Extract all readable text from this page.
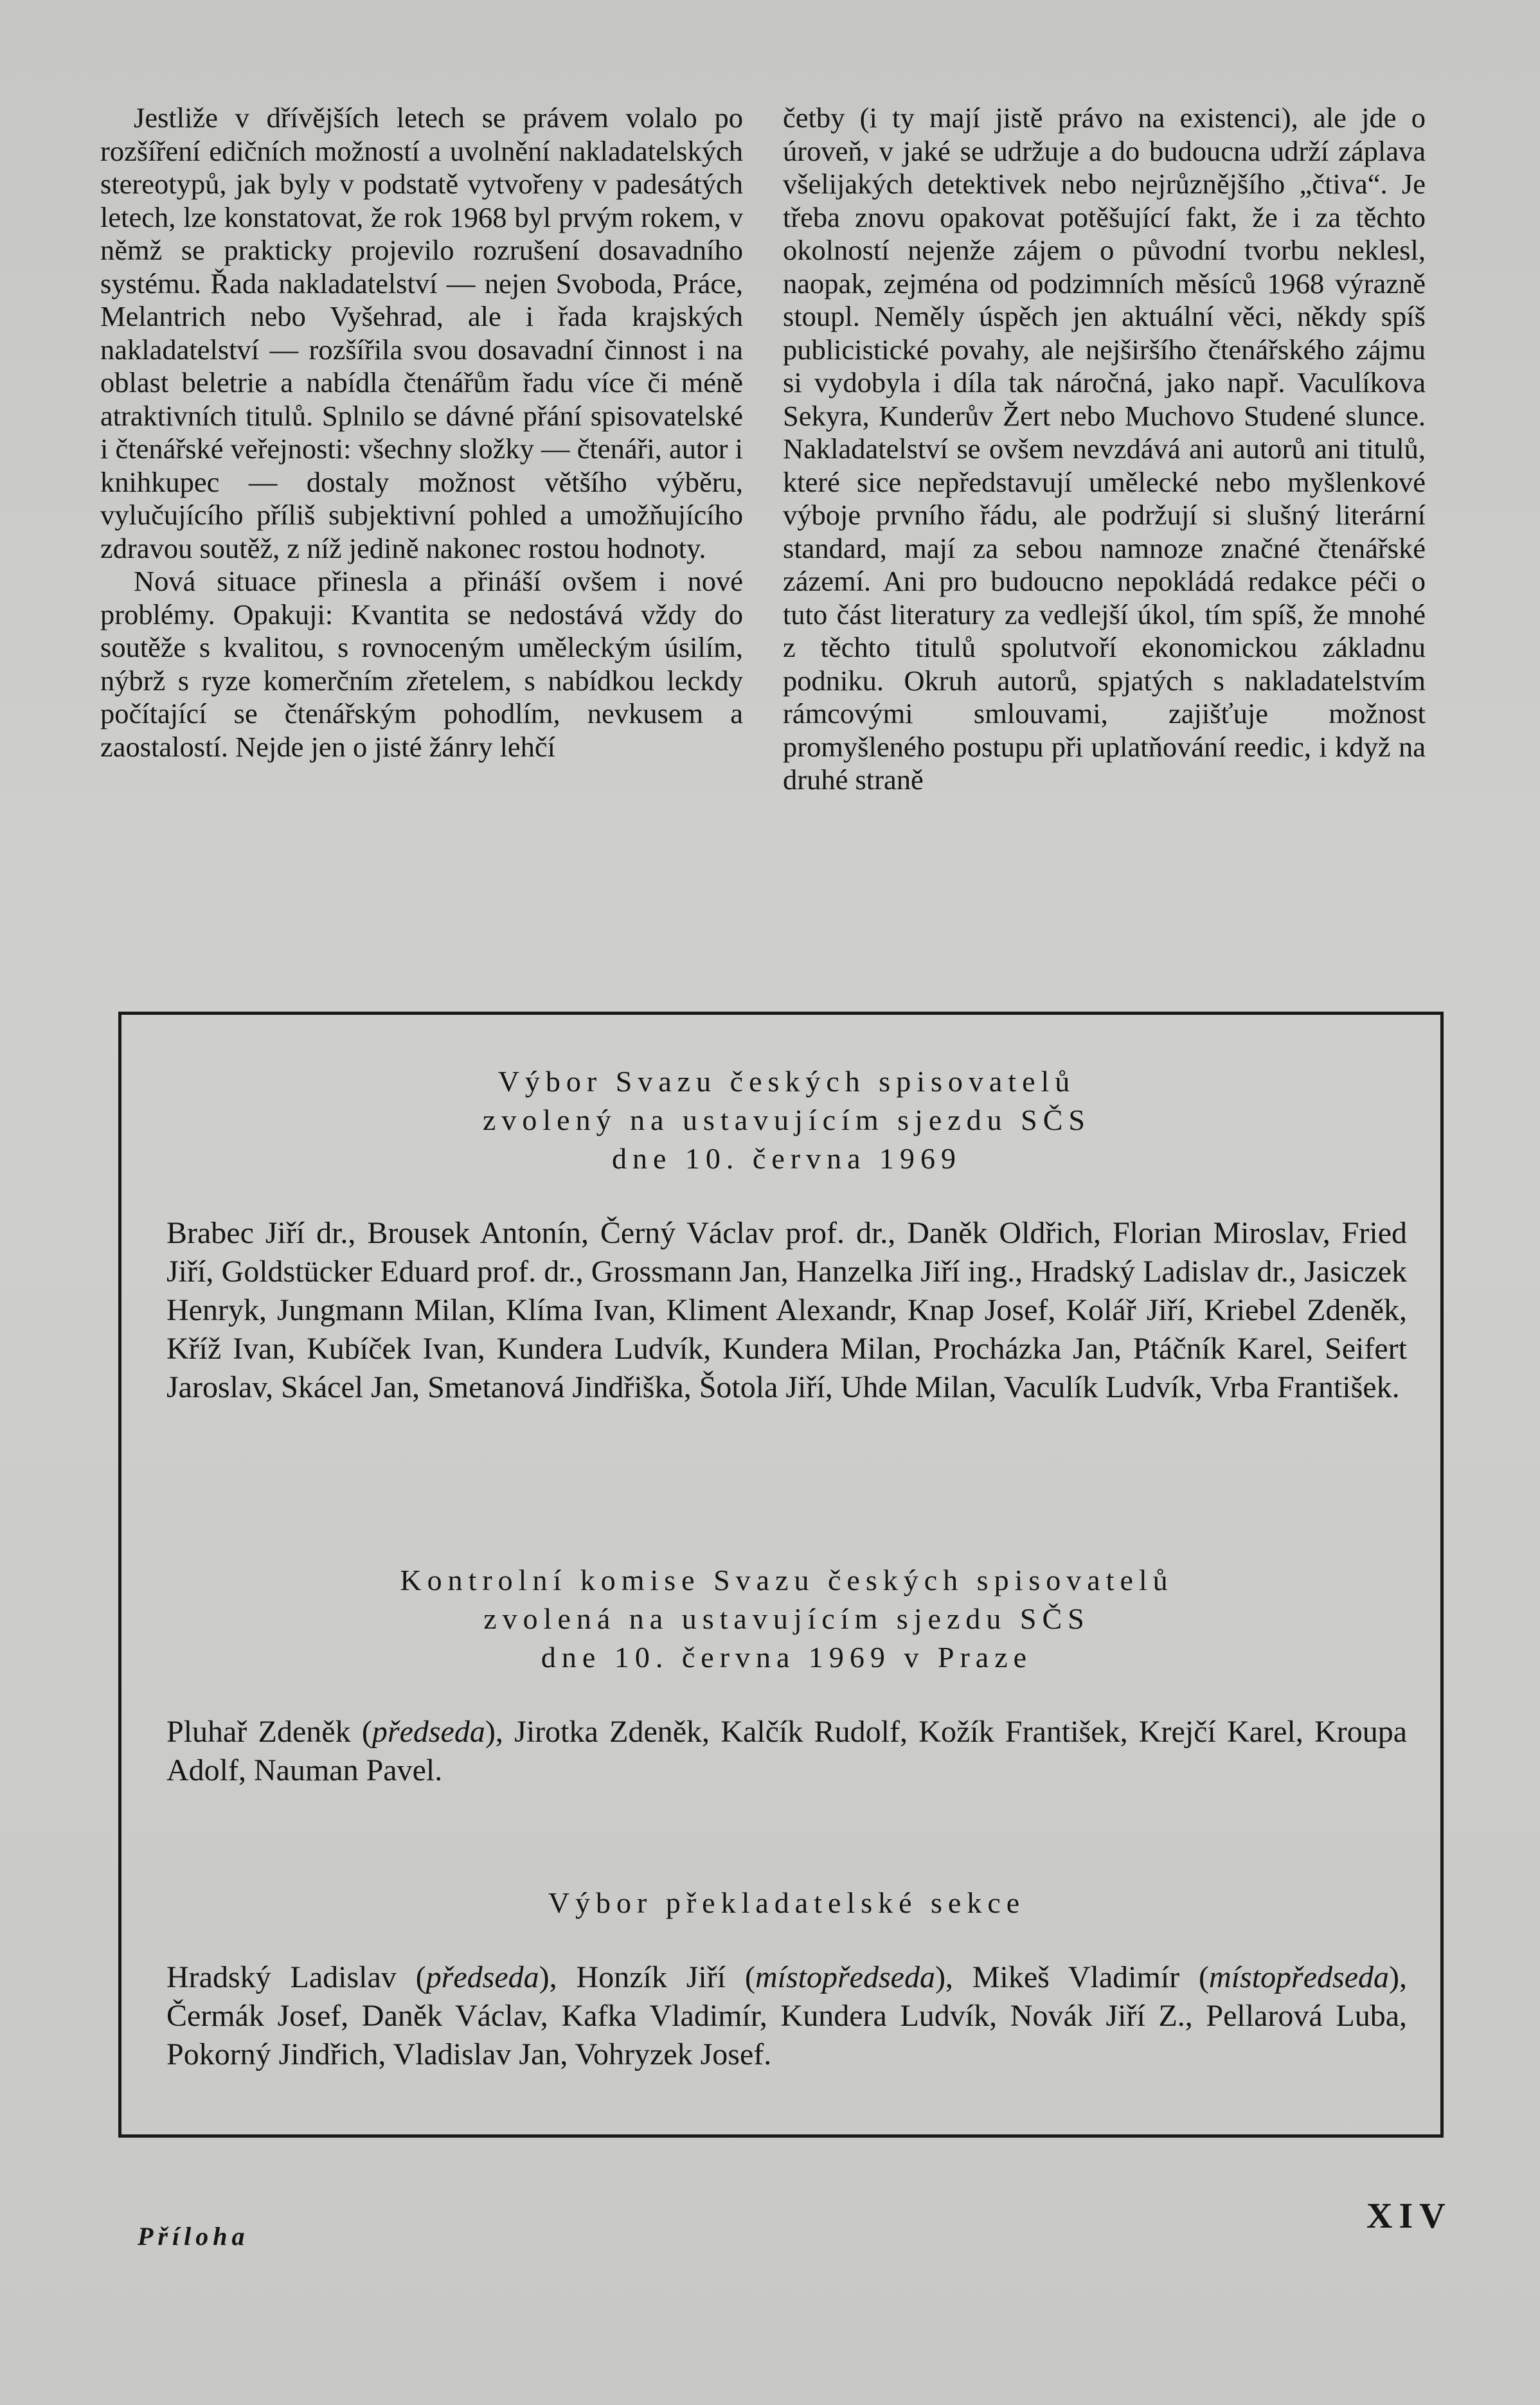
Jestliže v dřívějších letech se právem volalo po rozšíření edičních možností a uvolnění nakladatelských stereotypů, jak byly v podstatě vytvořeny v padesátých letech, lze konstatovat, že rok 1968 byl prvým rokem, v němž se prakticky projevilo rozrušení dosavadního systému. Řada nakladatelství — nejen Svoboda, Práce, Melantrich nebo Vyšehrad, ale i řada krajských nakladatelství — rozšířila svou dosavadní činnost i na oblast beletrie a nabídla čtenářům řadu více či méně atraktivních titulů. Splnilo se dávné přání spisovatelské i čtenářské veřejnosti: všechny složky — čtenáři, autor i knihkupec — dostaly možnost většího výběru, vylučujícího příliš subjektivní pohled a umožňujícího zdravou soutěž, z níž jedině nakonec rostou hodnoty.

Nová situace přinesla a přináší ovšem i nové problémy. Opakuji: Kvantita se nedostává vždy do soutěže s kvalitou, s rovnoceným uměleckým úsilím, nýbrž s ryze komerčním zřetelem, s nabídkou leckdy počítající se čtenářským pohodlím, nevkusem a zaostalostí. Nejde jen o jisté žánry lehčí

četby (i ty mají jistě právo na existenci), ale jde o úroveň, v jaké se udržuje a do budoucna udrží záplava všelijakých detektivek nebo nejrůznějšího „čtiva“. Je třeba znovu opakovat potěšující fakt, že i za těchto okolností nejenže zájem o původní tvorbu neklesl, naopak, zejména od podzimních měsíců 1968 výrazně stoupl. Neměly úspěch jen aktuální věci, někdy spíš publicistické povahy, ale nejširšího čtenářského zájmu si vydobyla i díla tak náročná, jako např. Vaculíkova Sekyra, Kunderův Žert nebo Muchovo Studené slunce. Nakladatelství se ovšem nevzdává ani autorů ani titulů, které sice nepředstavují umělecké nebo myšlenkové výboje prvního řádu, ale podržují si slušný literární standard, mají za sebou namnoze značné čtenářské zázemí. Ani pro budoucno nepokládá redakce péči o tuto část literatury za vedlejší úkol, tím spíš, že mnohé z těchto titulů spolutvoří ekonomickou základnu podniku. Okruh autorů, spjatých s nakladatelstvím rámcovými smlouvami, zajišťuje možnost promyšleného postupu při uplatňování reedic, i když na druhé straně

Výbor Svazu českých spisovatelů
zvolený na ustavujícím sjezdu SČS
dne 10. června 1969
Brabec Jiří dr., Brousek Antonín, Černý Václav prof. dr., Daněk Oldřich, Florian Miroslav, Fried Jiří, Goldstücker Eduard prof. dr., Grossmann Jan, Hanzelka Jiří ing., Hradský Ladislav dr., Jasiczek Henryk, Jungmann Milan, Klíma Ivan, Kliment Alexandr, Knap Josef, Kolář Jiří, Kriebel Zdeněk, Kříž Ivan, Kubíček Ivan, Kundera Ludvík, Kundera Milan, Procházka Jan, Ptáčník Karel, Seifert Jaroslav, Skácel Jan, Smetanová Jindřiška, Šotola Jiří, Uhde Milan, Vaculík Ludvík, Vrba František.
Kontrolní komise Svazu českých spisovatelů
zvolená na ustavujícím sjezdu SČS
dne 10. června 1969 v Praze
Pluhař Zdeněk (předseda), Jirotka Zdeněk, Kalčík Rudolf, Kožík František, Krejčí Karel, Kroupa Adolf, Nauman Pavel.
Výbor překladatelské sekce
Hradský Ladislav (předseda), Honzík Jiří (místopředseda), Mikeš Vladimír (místopředseda), Čermák Josef, Daněk Václav, Kafka Vladimír, Kundera Ludvík, Novák Jiří Z., Pellarová Luba, Pokorný Jindřich, Vladislav Jan, Vohryzek Josef.
Příloha
XIV
